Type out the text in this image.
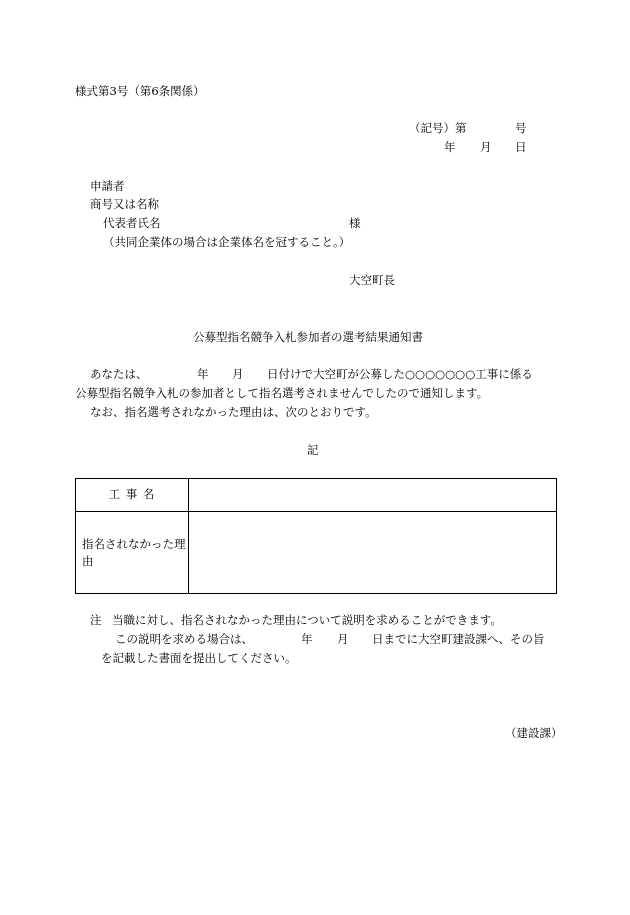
様式第3号（第6条関係）
（記号）第	号
年 月 日
申請者
商号又は名称
代表者氏名	様
（共同企業体の場合は企業体名を冠すること。）
大空町長
公募型指名競争入札参加者の選考結果通知書
あなたは、	年 月 日付けで大空町が公募した○○○○○○○工事に係る
公募型指名競争入札の参加者として指名選考されませんでしたので通知します。
なお、指名選考されなかった理由は、次のとおりです。
記
工 事 名	
指名されなかった理由	
注 当職に対し、指名されなかった理由について説明を求めることができます。
この説明を求める場合は、	年 月 日までに大空町建設課へ、その旨
を記載した書面を提出してください。
（建設課）
